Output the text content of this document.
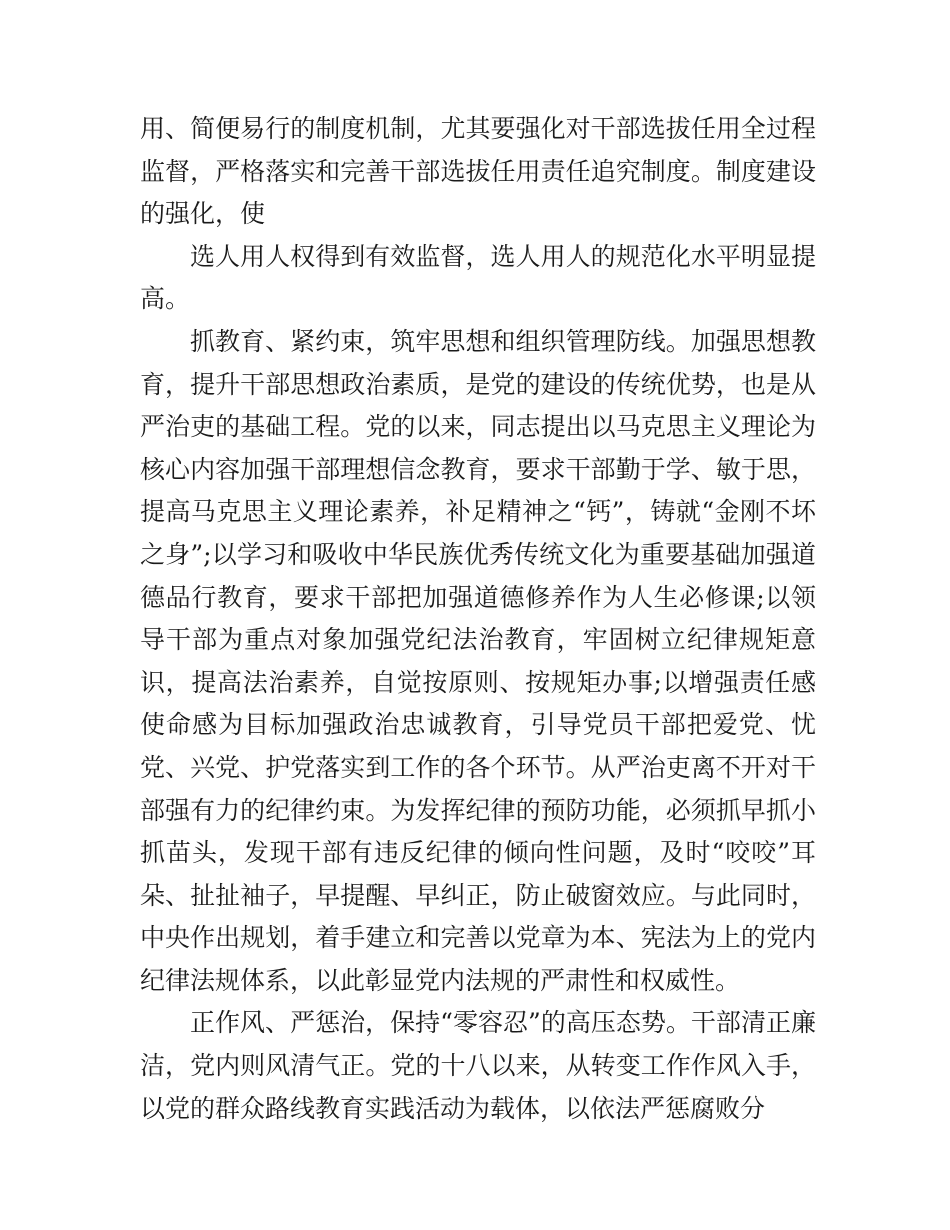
用、简便易行的制度机制，尤其要强化对干部选拔任用全过程监督，严格落实和完善干部选拔任用责任追究制度。制度建设的强化，使

选人用人权得到有效监督，选人用人的规范化水平明显提高。

抓教育、紧约束，筑牢思想和组织管理防线。加强思想教育，提升干部思想政治素质，是党的建设的传统优势，也是从严治吏的基础工程。党的以来，同志提出以马克思主义理论为核心内容加强干部理想信念教育，要求干部勤于学、敏于思，提高马克思主义理论素养，补足精神之“钙”，铸就“金刚不坏之身”;以学习和吸收中华民族优秀传统文化为重要基础加强道德品行教育，要求干部把加强道德修养作为人生必修课;以领导干部为重点对象加强党纪法治教育，牢固树立纪律规矩意识，提高法治素养，自觉按原则、按规矩办事;以增强责任感使命感为目标加强政治忠诚教育，引导党员干部把爱党、忧党、兴党、护党落实到工作的各个环节。从严治吏离不开对干部强有力的纪律约束。为发挥纪律的预防功能，必须抓早抓小抓苗头，发现干部有违反纪律的倾向性问题，及时“咬咬”耳朵、扯扯袖子，早提醒、早纠正，防止破窗效应。与此同时，中央作出规划，着手建立和完善以党章为本、宪法为上的党内纪律法规体系，以此彰显党内法规的严肃性和权威性。

正作风、严惩治，保持“零容忍”的高压态势。干部清正廉洁，党内则风清气正。党的十八以来，从转变工作作风入手，以党的群众路线教育实践活动为载体，以依法严惩腐败分
